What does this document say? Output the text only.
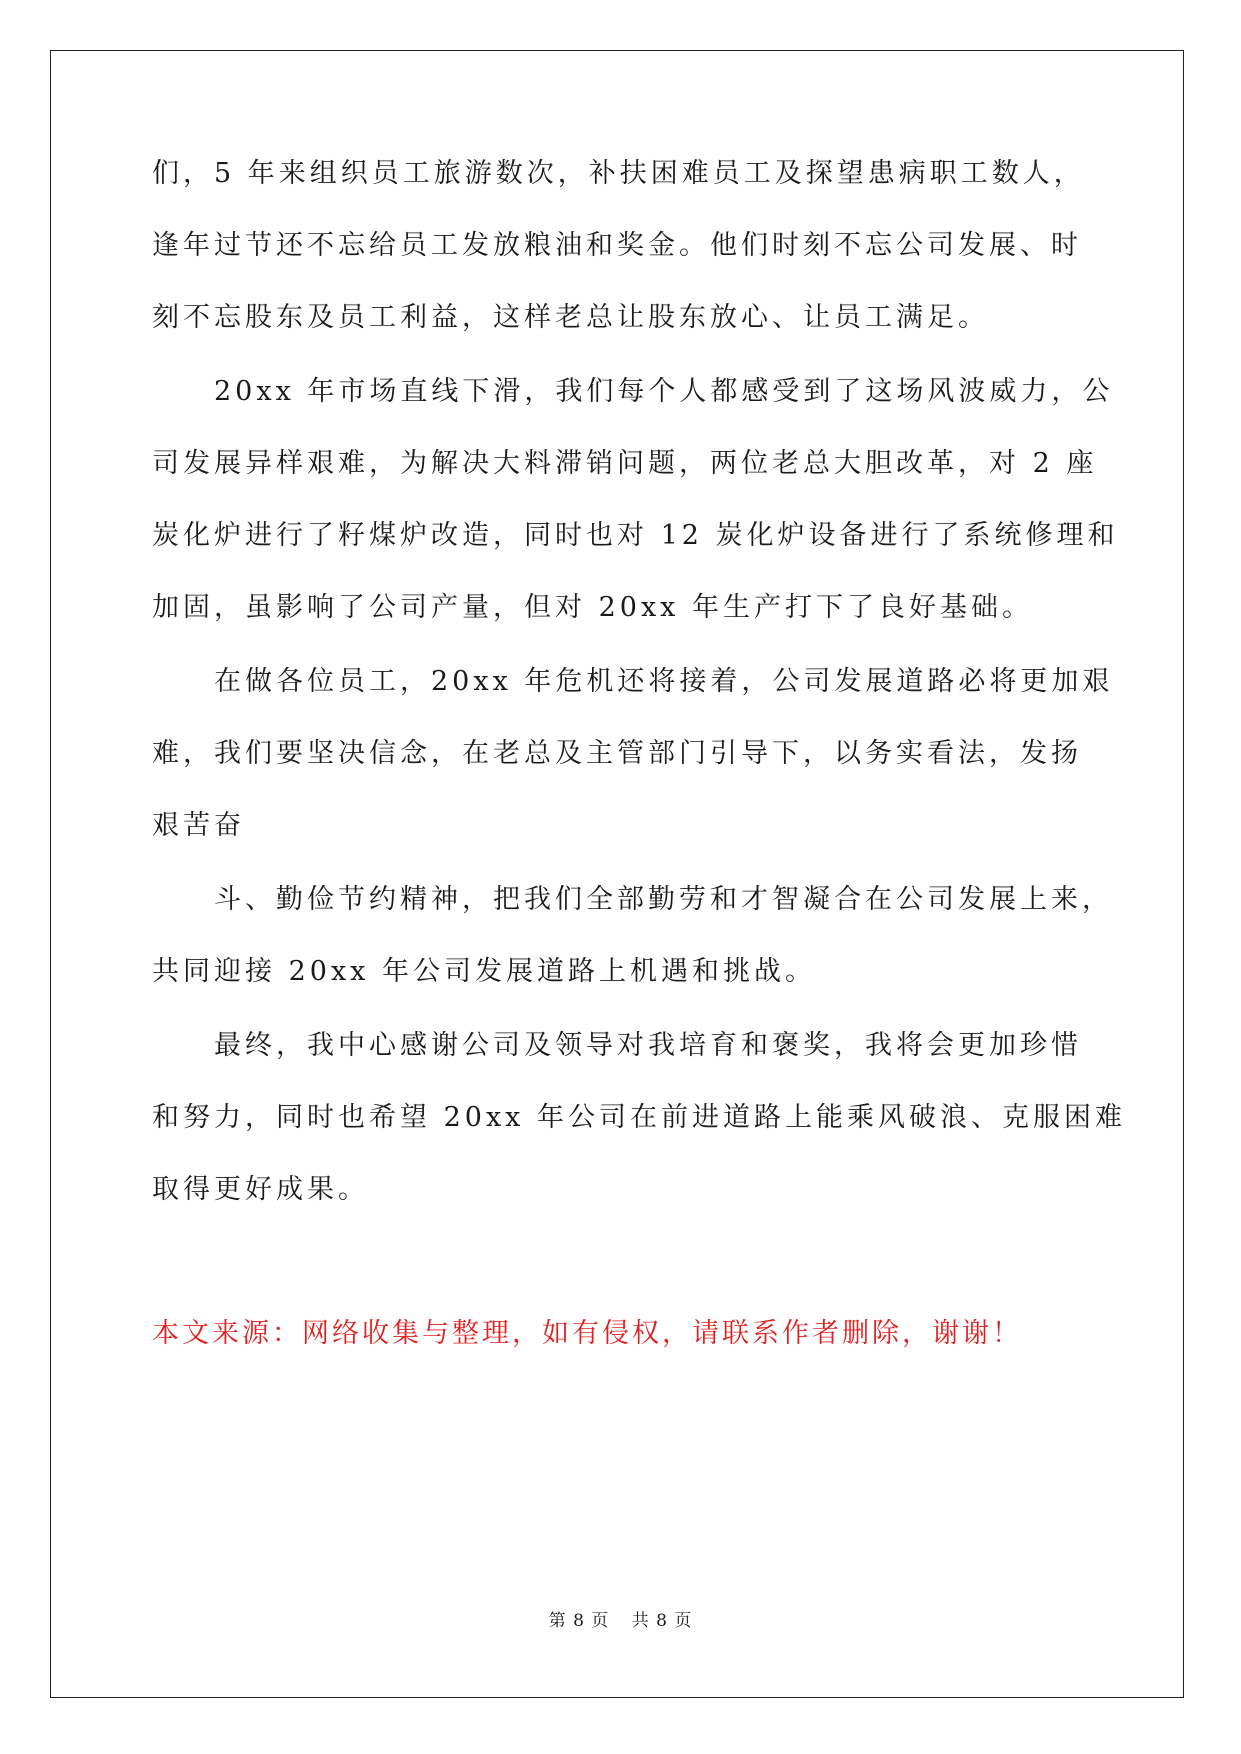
们，5 年来组织员工旅游数次，补扶困难员工及探望患病职工数人，
逢年过节还不忘给员工发放粮油和奖金。他们时刻不忘公司发展、时
刻不忘股东及员工利益，这样老总让股东放心、让员工满足。
20xx 年市场直线下滑，我们每个人都感受到了这场风波威力，公
司发展异样艰难，为解决大料滞销问题，两位老总大胆改革，对 2 座
炭化炉进行了籽煤炉改造，同时也对 12 炭化炉设备进行了系统修理和
加固，虽影响了公司产量，但对 20xx 年生产打下了良好基础。
在做各位员工，20xx 年危机还将接着，公司发展道路必将更加艰
难，我们要坚决信念，在老总及主管部门引导下，以务实看法，发扬
艰苦奋
斗、勤俭节约精神，把我们全部勤劳和才智凝合在公司发展上来，
共同迎接 20xx 年公司发展道路上机遇和挑战。
最终，我中心感谢公司及领导对我培育和褒奖，我将会更加珍惜
和努力，同时也希望 20xx 年公司在前进道路上能乘风破浪、克服困难
取得更好成果。
本文来源：网络收集与整理，如有侵权，请联系作者删除，谢谢！
第 8 页 共 8 页
